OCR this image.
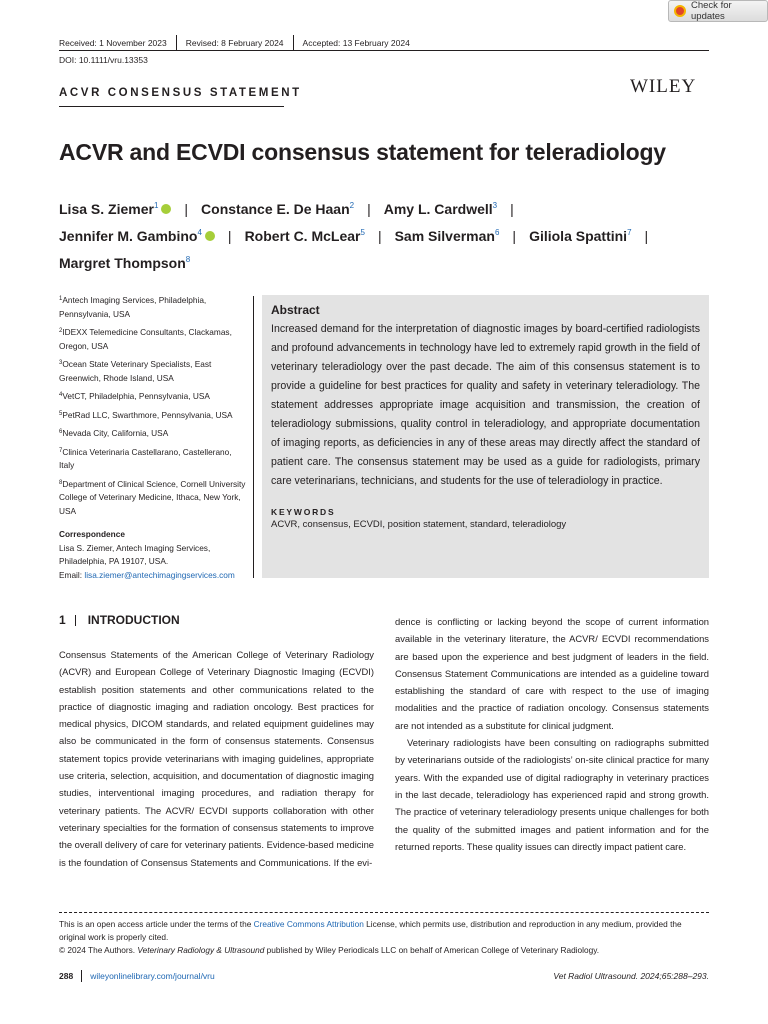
Check for updates
Received: 1 November 2023	Revised: 8 February 2024	Accepted: 13 February 2024
DOI: 10.1111/vru.13353
ACVR CONSENSUS STATEMENT	WILEY
ACVR and ECVDI consensus statement for teleradiology
Lisa S. Ziemer$^1$ | Constance E. De Haan$^2$ | Amy L. Cardwell$^3$ |
Jennifer M. Gambino$^4$ | Robert C. McLear$^5$ | Sam Silverman$^6$ | Giliola Spattini$^7$ |
Margret Thompson$^8$
$^1$Antech Imaging Services, Philadelphia, Pennsylvania, USA
$^2$IDEXX Telemedicine Consultants, Clackamas, Oregon, USA
$^3$Ocean State Veterinary Specialists, East Greenwich, Rhode Island, USA
$^4$VetCT, Philadelphia, Pennsylvania, USA
$^5$PetRad LLC, Swarthmore, Pennsylvania, USA
$^6$Nevada City, California, USA
$^7$Clinica Veterinaria Castellarano, Castellerano, Italy
$^8$Department of Clinical Science, Cornell University College of Veterinary Medicine, Ithaca, New York, USA
Correspondence
Lisa S. Ziemer, Antech Imaging Services, Philadelphia, PA 19107, USA.
Email: lisa.ziemer@antechimagingservices.com
Abstract
Increased demand for the interpretation of diagnostic images by board-certified radiologists and profound advancements in technology have led to extremely rapid growth in the field of veterinary teleradiology over the past decade. The aim of this consensus statement is to provide a guideline for best practices for quality and safety in veterinary teleradiology. The statement addresses appropriate image acquisition and transmission, the creation of teleradiology submissions, quality control in teleradiology, and appropriate documentation of imaging reports, as deficiencies in any of these areas may directly affect the standard of patient care. The consensus statement may be used as a guide for radiologists, primary care veterinarians, technicians, and students for the use of teleradiology in practice.
KEYWORDS
ACVR, consensus, ECVDI, position statement, standard, teleradiology
1 INTRODUCTION

Consensus Statements of the American College of Veterinary Radiology (ACVR) and European College of Veterinary Diagnostic Imaging (ECVDI) establish position statements and other communications related to the practice of diagnostic imaging and radiation oncology. Best practices for medical physics, DICOM standards, and related equipment guidelines may also be communicated in the form of consensus statements. Consensus statement topics provide veterinarians with imaging guidelines, appropriate use criteria, selection, acquisition, and documentation of diagnostic imaging studies, interventional imaging procedures, and radiation therapy for veterinary patients. The ACVR/ ECVDI supports collaboration with other veterinary specialties for the formation of consensus statements to improve the overall delivery of care for veterinary patients. Evidence-based medicine is the foundation of Consensus Statements and Communications. If the evi-

dence is conflicting or lacking beyond the scope of current information available in the veterinary literature, the ACVR/ ECVDI recommendations are based upon the experience and best judgment of leaders in the field. Consensus Statement Communications are intended as a guideline toward establishing the standard of care with respect to the use of imaging modalities and the practice of radiation oncology. Consensus statements are not intended as a substitute for clinical judgment.

Veterinary radiologists have been consulting on radiographs submitted by veterinarians outside of the radiologists’ on-site clinical practice for many years. With the expanded use of digital radiography in veterinary practices in the last decade, teleradiology has experienced rapid and strong growth. The practice of veterinary teleradiology presents unique challenges for both the quality of the submitted images and patient information and for the returned reports. These quality issues can directly impact patient care.

This is an open access article under the terms of the Creative Commons Attribution License, which permits use, distribution and reproduction in any medium, provided the original work is properly cited.
© 2024 The Authors. Veterinary Radiology & Ultrasound published by Wiley Periodicals LLC on behalf of American College of Veterinary Radiology.
288 wileyonlinelibrary.com/journal/vru	Vet Radiol Ultrasound. 2024;65:288–293.
